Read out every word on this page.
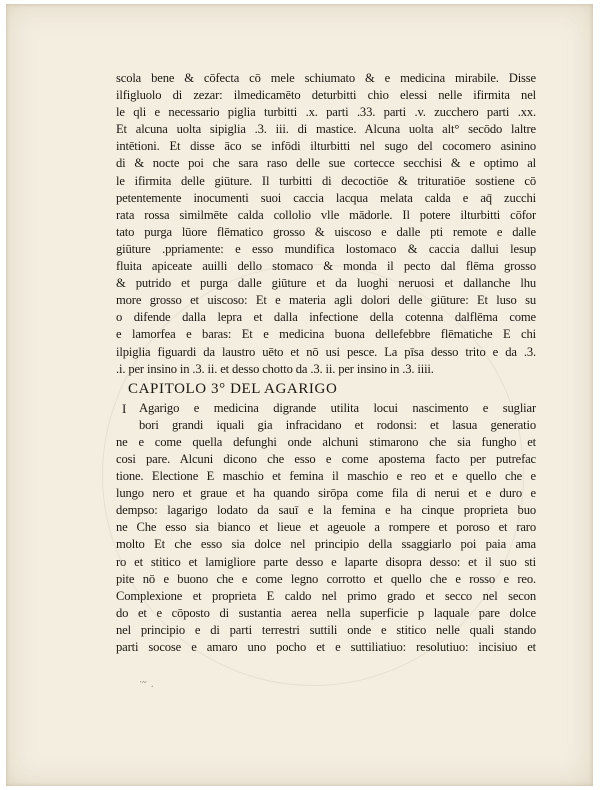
scola bene & cōfecta cō mele schiumato & e medicina mirabile. Disse
ilfigluolo di zezar: ilmedicamēto deturbitti chio elessi nelle ifirmita nel
le qli e necessario piglia turbitti .x. parti .33. parti .v. zucchero parti .xx.
Et alcuna uolta sipiglia .3. iii. di mastice. Alcuna uolta alt° secōdo laltre
intētioni. Et disse āco se infōdi ilturbitti nel sugo del cocomero asinino
di & nocte poi che sara raso delle sue cortecce secchisi & e optimo al
le ifirmita delle giūture. Il turbitti di decoctiōe & trituratiōe sostiene cō
petentemente inocumenti suoi caccia lacqua melata calda e aq̄ zucchi
rata rossa similmēte calda collolio vlle mādorle. Il potere ilturbitti cōfor
tato purga lūore flēmatico grosso & uiscoso e dalle pti remote e dalle
giūture .ppriamente: e esso mundifica lostomaco & caccia dallui lesup
fluita apiceate auilli dello stomaco & monda il pecto dal flēma grosso
& putrido et purga dalle giūture et da luoghi neruosi et dallanche lhu
more grosso et uiscoso: Et e materia agli dolori delle giūture: Et luso su
o difende dalla lepra et dalla infectione della cotenna dalflēma come
e lamorfea e baras: Et e medicina buona dellefebbre flēmatiche E chi
ilpiglia figuardi da laustro uēto et nō usi pesce. La pīsa desso trito e da .3.
.i. per insino in .3. ii. et desso chotto da .3. ii. per insino in .3. iiii.
CAPITOLO 3° DEL AGARIGO
I	Agarigo e medicina digrande utilita locui nascimento e sugliar
bori grandi iquali gia infracidano et rodonsi: et lasua generatio
ne e come quella defunghi onde alchuni stimarono che sia fungho et
cosi pare. Alcuni dicono che esso e come apostema facto per putrefac
tione. Electione E maschio et femina il maschio e reo et e quello che e
lungo nero et graue et ha quando sirōpa come fila di nerui et e duro e
dempso: lagarigo lodato da sauī e la femina e ha cinque proprieta buo
ne Che esso sia bianco et lieue et ageuole a rompere et poroso et raro
molto Et che esso sia dolce nel principio della ssaggiarlo poi paia ama
ro et stitico et lamigliore parte desso e laparte disopra desso: et il suo sti
pite nō e buono che e come legno corrotto et quello che e rosso e reo.
Complexione et proprieta E caldo nel primo grado et secco nel secon
do et e cōposto di sustantia aerea nella superficie p laquale pare dolce
nel principio e di parti terrestri suttili onde e stitico nelle quali stando
parti socose e amaro uno pocho et e suttiliatiuo: resolutiuo: incisiuo et
˙ ᷉ ·
